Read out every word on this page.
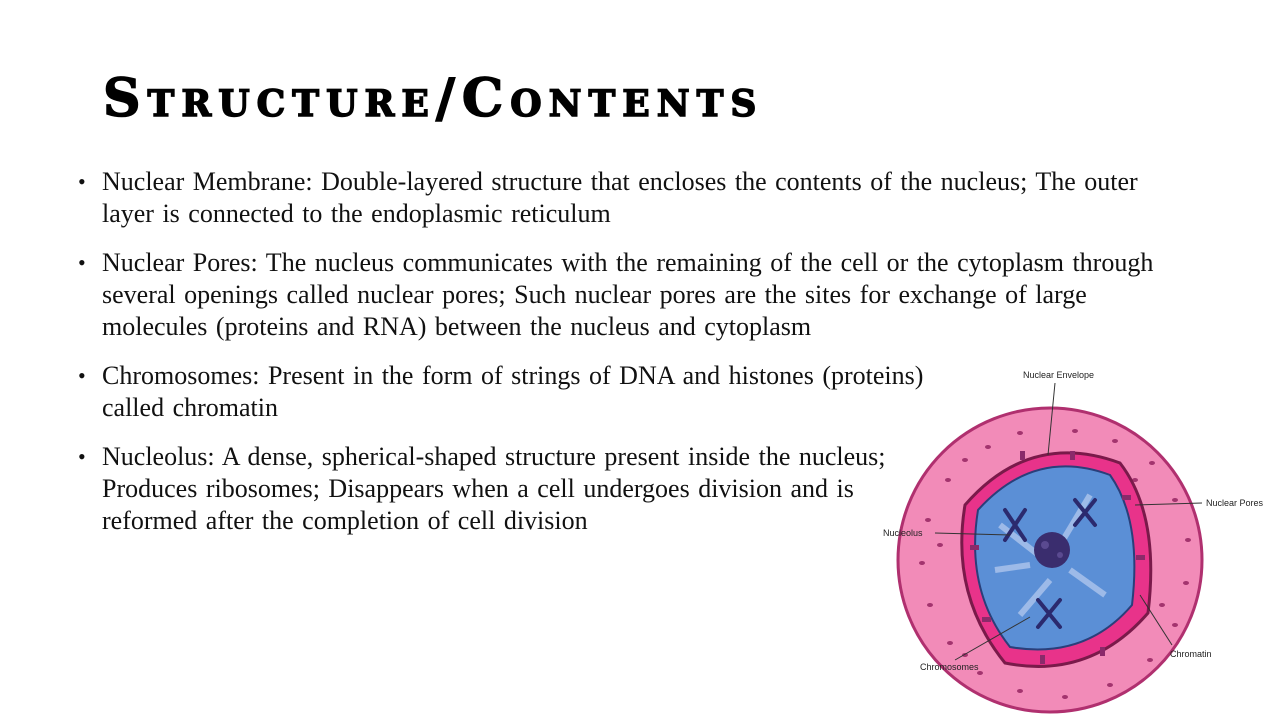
Structure/Contents
• Nuclear Membrane: Double-layered structure that encloses the contents of the nucleus; The outer layer is connected to the endoplasmic reticulum
• Nuclear Pores: The nucleus communicates with the remaining of the cell or the cytoplasm through several openings called nuclear pores; Such nuclear pores are the sites for exchange of large molecules (proteins and RNA) between the nucleus and cytoplasm
• Chromosomes: Present in the form of strings of DNA and histones (proteins) called chromatin
• Nucleolus: A dense, spherical-shaped structure present inside the nucleus; Produces ribosomes; Disappears when a cell undergoes division and is reformed after the completion of cell division
Nuclear Envelope
Nuclear Pores
Nucleolus
Chromatin
Chromosomes
